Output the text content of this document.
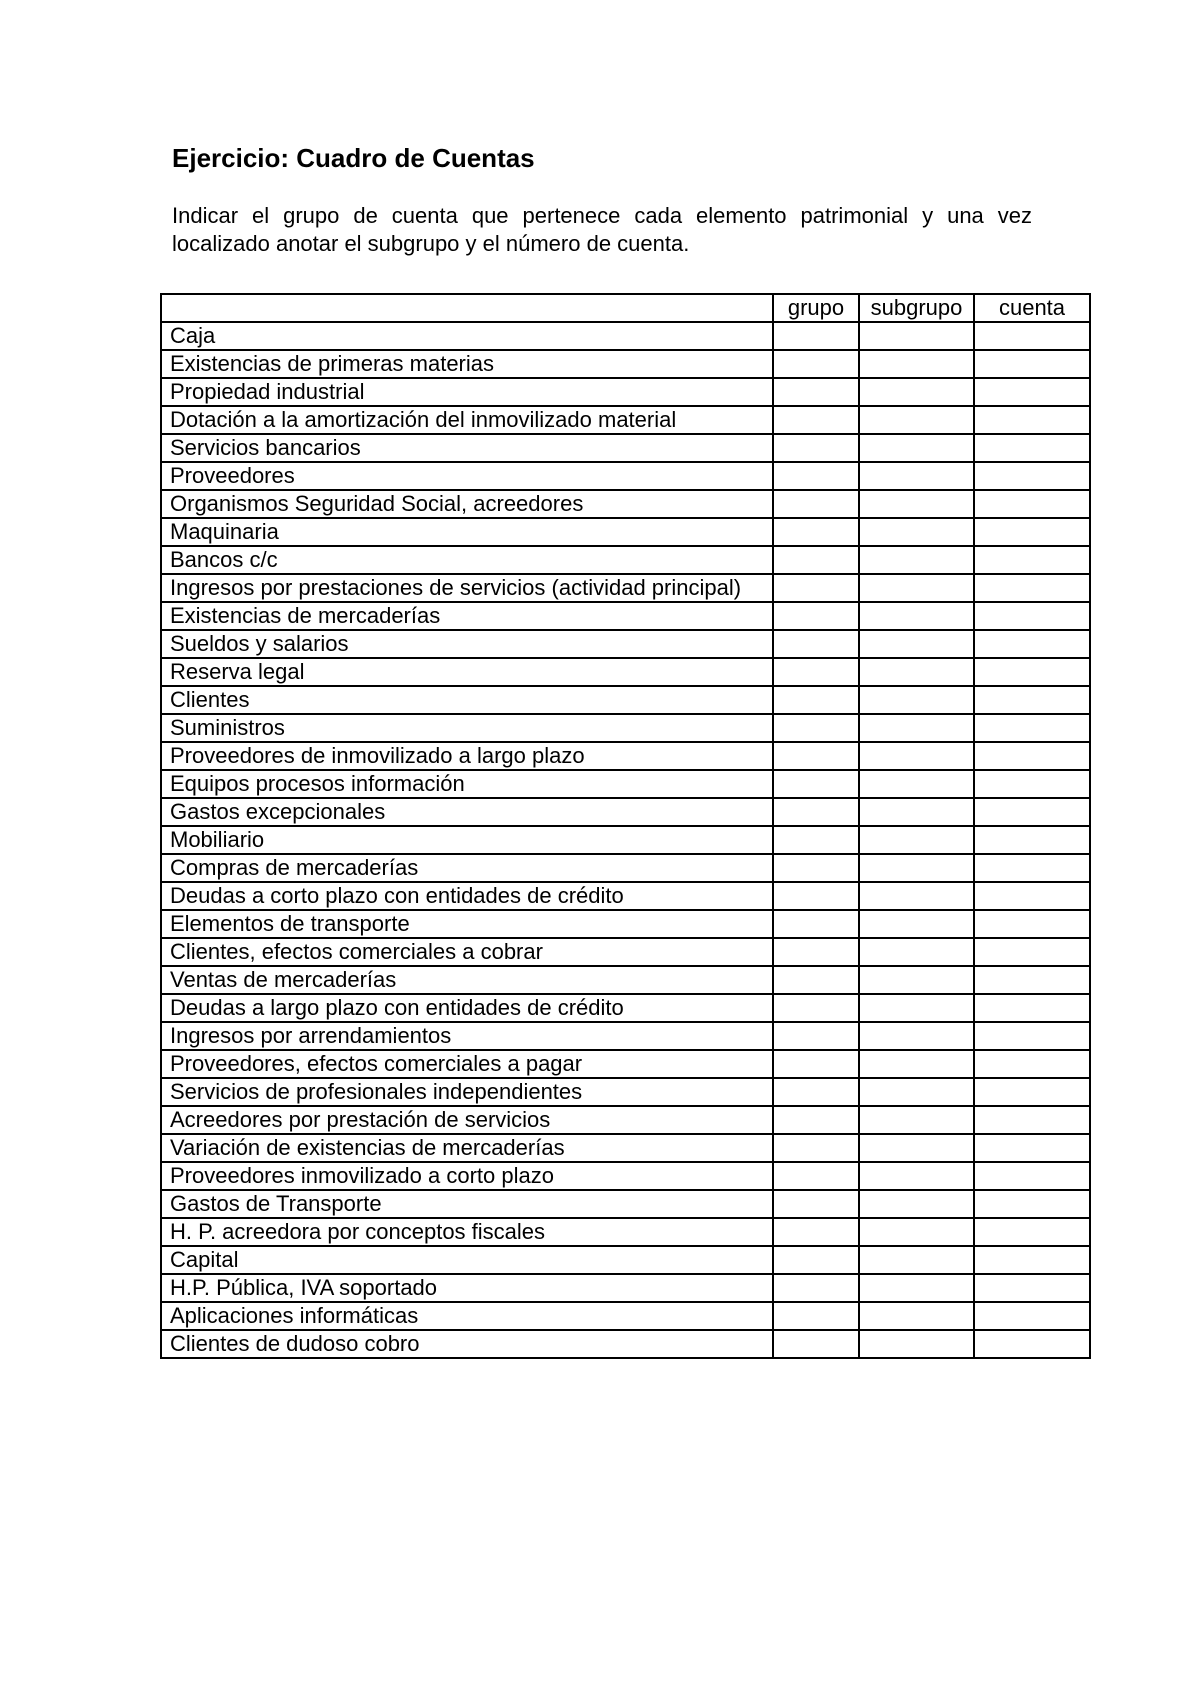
Ejercicio: Cuadro de Cuentas

Indicar el grupo de cuenta que pertenece cada elemento patrimonial y una vez localizado anotar el subgrupo y el número de cuenta.

	grupo	subgrupo	cuenta
Caja			
Existencias de primeras materias			
Propiedad industrial			
Dotación a la amortización del inmovilizado material			
Servicios bancarios			
Proveedores			
Organismos Seguridad Social, acreedores			
Maquinaria			
Bancos c/c			
Ingresos por prestaciones de servicios (actividad principal)			
Existencias de mercaderías			
Sueldos y salarios			
Reserva legal			
Clientes			
Suministros			
Proveedores de inmovilizado a largo plazo			
Equipos procesos información			
Gastos excepcionales			
Mobiliario			
Compras de mercaderías			
Deudas a corto plazo con entidades de crédito			
Elementos de transporte			
Clientes, efectos comerciales a cobrar			
Ventas de mercaderías			
Deudas a largo plazo con entidades de crédito			
Ingresos por arrendamientos			
Proveedores, efectos comerciales a pagar			
Servicios de profesionales independientes			
Acreedores por prestación de servicios			
Variación de existencias de mercaderías			
Proveedores inmovilizado a corto plazo			
Gastos de Transporte			
H. P. acreedora por conceptos fiscales			
Capital			
H.P. Pública, IVA soportado			
Aplicaciones informáticas			
Clientes de dudoso cobro			
